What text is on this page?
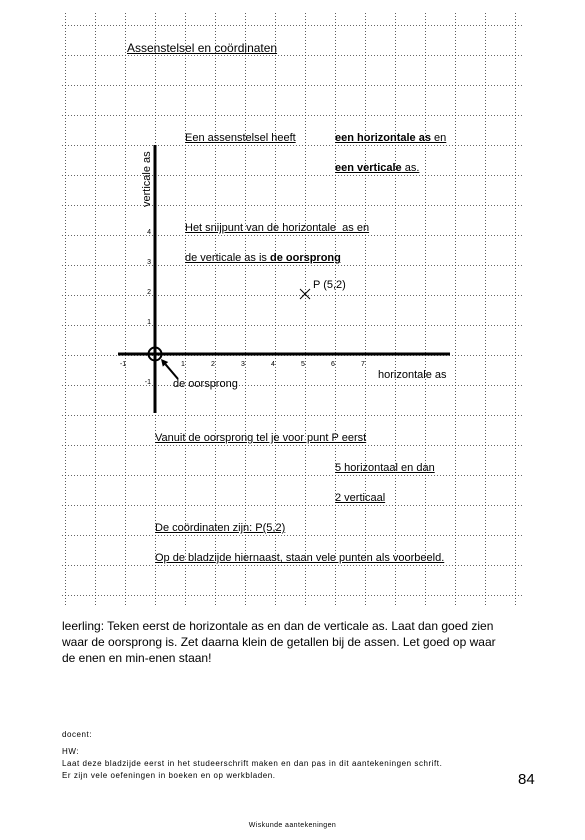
verticale as
-1	1	2	3	4	5	6	7
4
3
2
1
-1
Assenstelsel en coördinaten
Een assenstelsel heeft	een horizontale as en
een verticale as.
Het snijpunt van de horizontale  as en
de verticale as is de oorsprong
P (5,2)
horizontale as
de oorsprong
Vanuit de oorsprong tel je voor punt P eerst
5 horizontaal en dan
2 verticaal
De coördinaten zijn: P(5,2)
Op de bladzijde hiernaast, staan vele punten als voorbeeld.
leerling: Teken eerst de horizontale as en dan de verticale as. Laat dan goed zien
waar de oorsprong is. Zet daarna klein de getallen bij de assen. Let goed op waar
de enen en min-enen staan!
docent:
HW:
Laat deze bladzijde eerst in het studeerschrift maken en dan pas in dit aantekeningen schrift.
Er zijn vele oefeningen in boeken en op werkbladen.	84
Wiskunde aantekeningen
